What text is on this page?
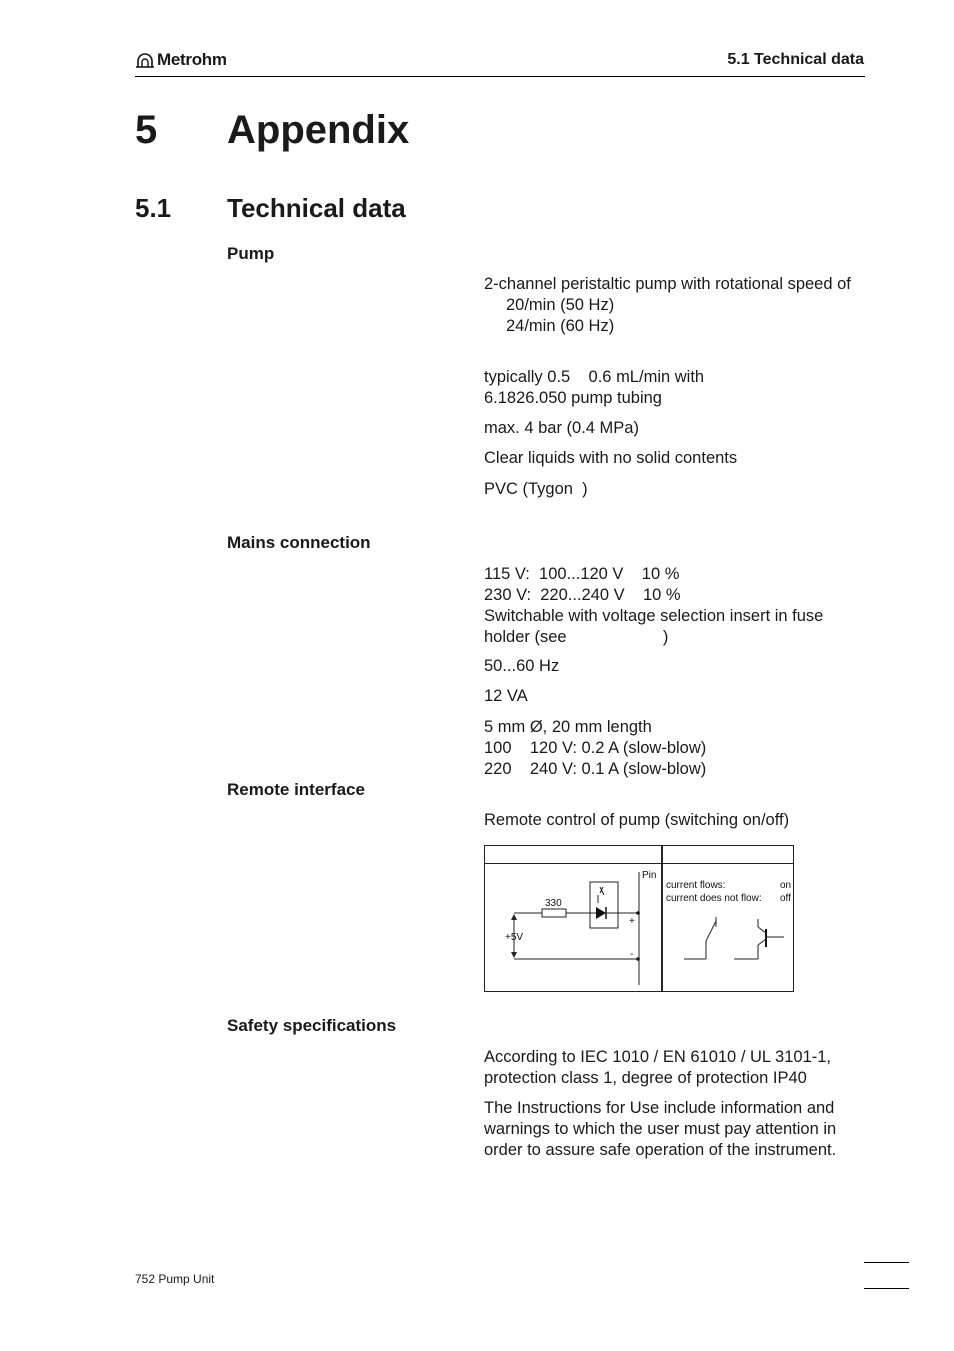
Metrohm	5.1 Technical data
5 Appendix
5.1 Technical data
Pump
2-channel peristaltic pump with rotational speed of
20/min (50 Hz)
24/min (60 Hz)
typically 0.5    0.6 mL/min with
6.1826.050 pump tubing
max. 4 bar (0.4 MPa)
Clear liquids with no solid contents
PVC (Tygon  )
Mains connection
115 V:  100...120 V    10 %
230 V:  220...240 V    10 %
Switchable with voltage selection insert in fuse holder (see                     )
50...60 Hz
12 VA
5 mm Ø, 20 mm length
100    120 V: 0.2 A (slow-blow)
220    240 V: 0.1 A (slow-blow)
Remote interface
Remote control of pump (switching on/off)
Pin
330
+
-
+5V
current flows:
current does not flow:
on
off
Safety specifications

According to IEC 1010 / EN 61010 / UL 3101-1, protection class 1, degree of protection IP40

The Instructions for Use include information and warnings to which the user must pay attention in order to assure safe operation of the instrument.

752 Pump Unit
